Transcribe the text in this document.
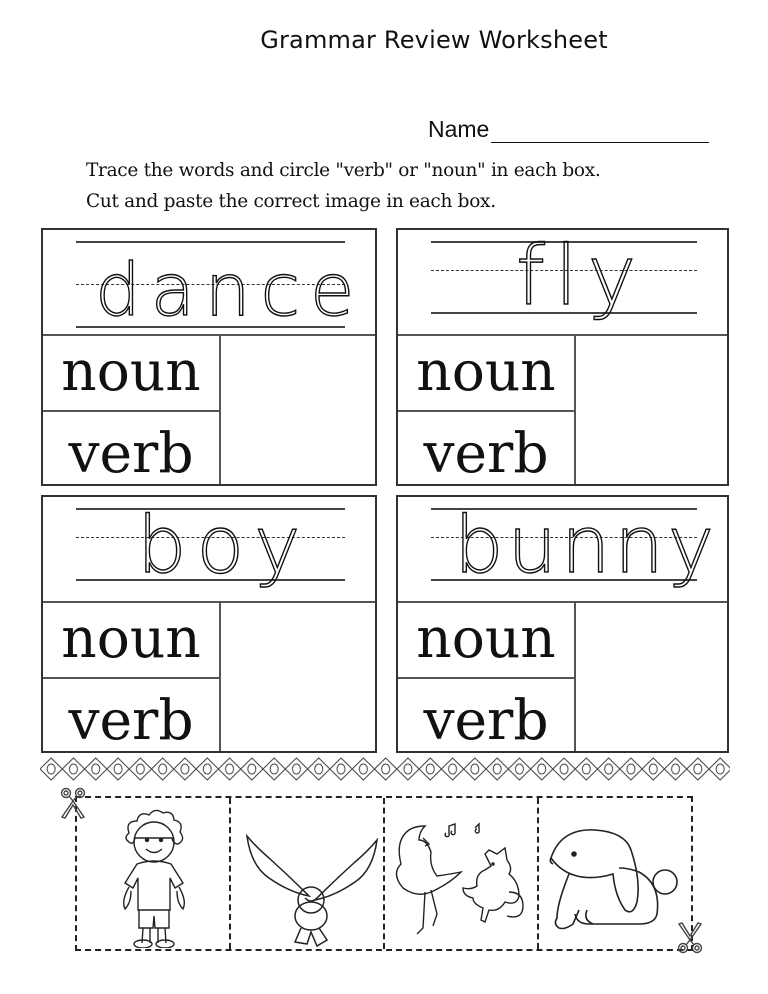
Grammar Review Worksheet
Name
Trace the words and circle "verb" or "noun" in each box.
Cut and paste the correct image in each box.
dance
noun
verb
fly
noun
verb
boy
noun
verb
bunny
noun
verb
